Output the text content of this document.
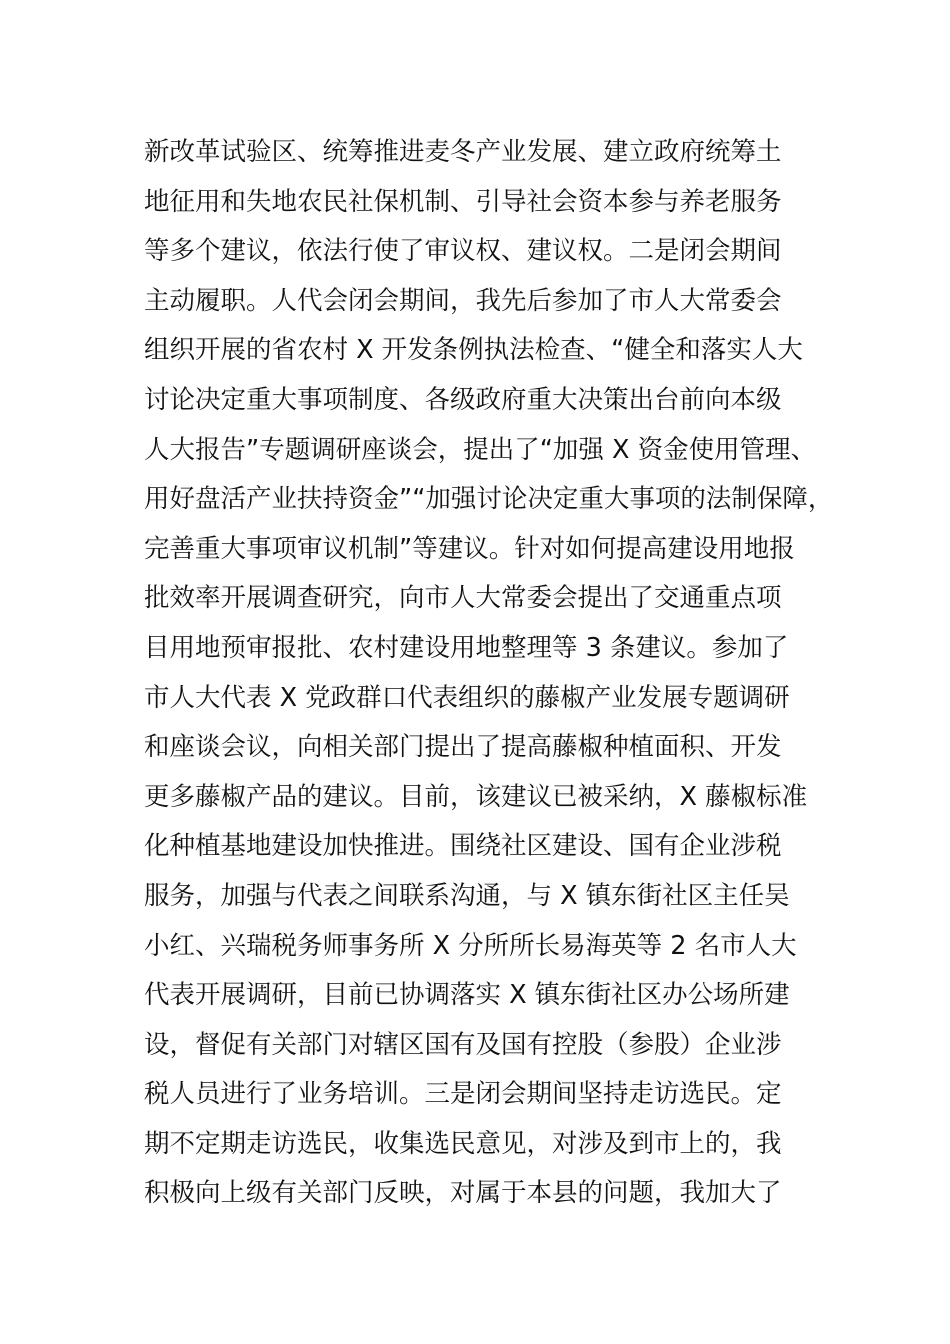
新改革试验区、统筹推进麦冬产业发展、建立政府统筹土
地征用和失地农民社保机制、引导社会资本参与养老服务
等多个建议，依法行使了审议权、建议权。二是闭会期间
主动履职。人代会闭会期间，我先后参加了市人大常委会
组织开展的省农村 X 开发条例执法检查、“健全和落实人大
讨论决定重大事项制度、各级政府重大决策出台前向本级
人大报告”专题调研座谈会，提出了“加强 X 资金使用管理、
用好盘活产业扶持资金”“加强讨论决定重大事项的法制保障，
完善重大事项审议机制”等建议。针对如何提高建设用地报
批效率开展调查研究，向市人大常委会提出了交通重点项
目用地预审报批、农村建设用地整理等 3 条建议。参加了
市人大代表 X 党政群口代表组织的藤椒产业发展专题调研
和座谈会议，向相关部门提出了提高藤椒种植面积、开发
更多藤椒产品的建议。目前，该建议已被采纳，X 藤椒标准
化种植基地建设加快推进。围绕社区建设、国有企业涉税
服务，加强与代表之间联系沟通，与 X 镇东街社区主任吴
小红、兴瑞税务师事务所 X 分所所长易海英等 2 名市人大
代表开展调研，目前已协调落实 X 镇东街社区办公场所建
设，督促有关部门对辖区国有及国有控股（参股）企业涉
税人员进行了业务培训。三是闭会期间坚持走访选民。定
期不定期走访选民，收集选民意见，对涉及到市上的，我
积极向上级有关部门反映，对属于本县的问题，我加大了
